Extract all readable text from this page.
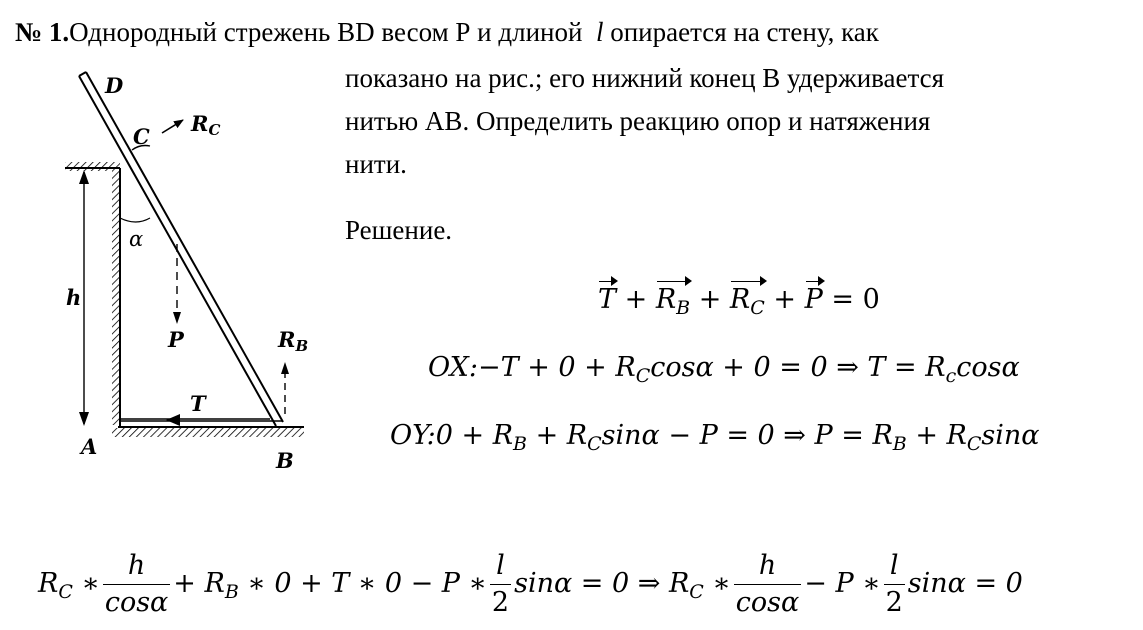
№ 1.Однородный стрежень BD весом Р и длиной l опирается на стену, как
показано на рис.; его нижний конец В удерживается
нитью АВ. Определить реакцию опор и натяжения
нити.
Решение.
$T + R_B + R_C + P = 0$
OX:−T + $0 + R_C\cos\alpha + 0 = 0$ ⇒ $T = R_c\cos\alpha$
OY:0 + $R_B + R_C\sin\alpha - P = 0$ ⇒ $P = R_B + R_C\sin\alpha$
$R_C$ ∗ $\frac{h}{\cos\alpha} + R_B$ ∗ 0 + T ∗ 0 − P ∗ $\frac{l}{2}$ sinα = 0 ⇒ $R_C$ ∗ $\frac{h}{\cos\alpha} - P$ ∗ $\frac{l}{2}$ sinα = 0
h
T
α
P	RB
C
RC
D
A
B
